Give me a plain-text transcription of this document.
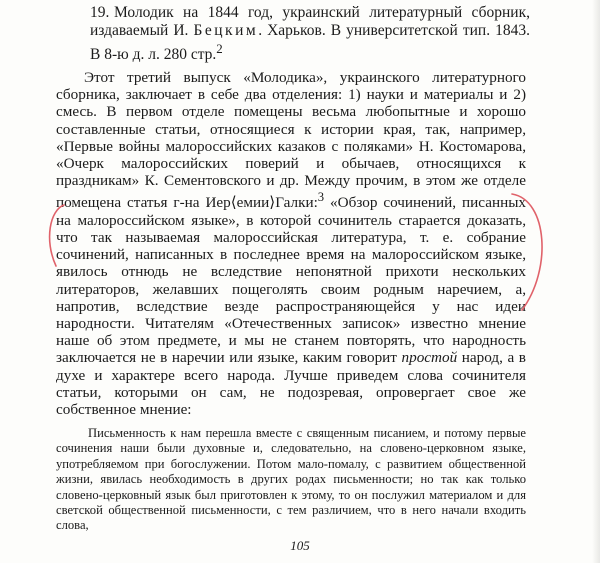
19. Молодик на 1844 год, украинский литературный сборник, издаваемый И. Бецким. Харьков. В университетской тип. 1843. В 8-ю д. л. 280 стр.$^2$

Этот третий выпуск «Молодика», украинского литературного сборника, заключает в себе два отделения: 1) науки и материалы и 2) смесь. В первом отделе помещены весьма любопытные и хорошо составленные статьи, относящиеся к истории края, так, например, «Первые войны малороссийских казаков с поляками» Н. Костомарова, «Очерк малороссийских поверий и обычаев, относящихся к праздникам» К. Сементовского и др. Между прочим, в этом же отделе помещена статья г-на Иер⟨емии⟩Галки:$^3$ «Обзор сочинений, писанных на малороссийском языке», в которой сочинитель старается доказать, что так называемая малороссийская литература, т. е. собрание сочинений, написанных в последнее время на малороссийском языке, явилось отнюдь не вследствие непонятной прихоти нескольких литераторов, желавших пощеголять своим родным наречием, а, напротив, вследствие везде распространяющейся у нас идеи народности. Читателям «Отечественных записок» известно мнение наше об этом предмете, и мы не станем повторять, что народность заключается не в наречии или языке, каким говорит простой народ, а в духе и характере всего народа. Лучше приведем слова сочинителя статьи, которыми он сам, не подозревая, опровергает свое же собственное мнение:

Письменность к нам перешла вместе с священным писанием, и потому первые сочинения наши были духовные и, следовательно, на словено-церковном языке, употребляемом при богослужении. Потом мало-помалу, с развитием общественной жизни, явилась необходимость в других родах письменности; но так как только словено-церковный язык был приготовлен к этому, то он послужил материалом и для светской общественной письменности, с тем различием, что в него начали входить слова,

105
